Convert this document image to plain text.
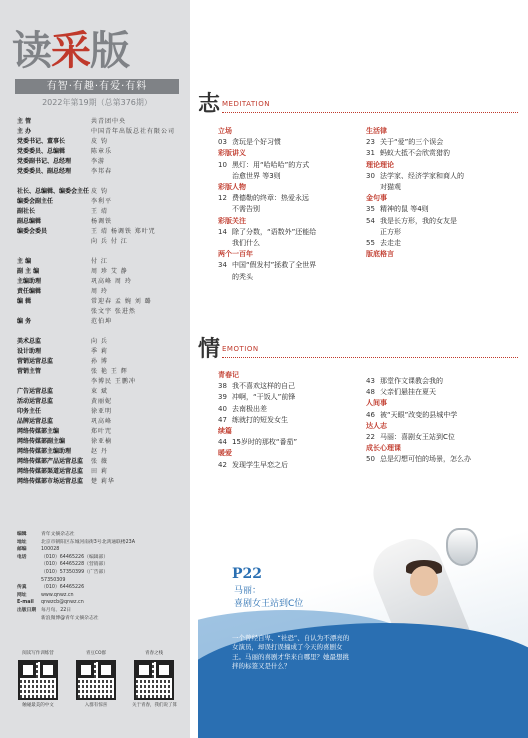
读采版
有智·有趣·有爱·有料
2022年第19期（总第376期）
主 管	共青团中央
主 办	中国青年出版总社有限公司
党委书记、董事长	皮 钧
党委委员、总编辑	陈章乐
党委副书记、总经理	李游
党委委员、副总经理	李邦春
社长、总编辑、编委会主任 皮 钧
编委会副主任	李利平
副社长	王 靖
副总编辑	杨调铁
编委会委员	王 靖 杨调铁 郑叶咒
向 兵 付 江
主 编	付 江
副 主 编	周 珍 艾 静
主编助理	巩高峰 周 玲
责任编辑	周 玲
编 辑	常迎春 孟 婉 刘 璐
张文宇 张进然
编 务	范伯坤
美术总监	向 兵
设计助理	季 莉
营销运营总监	孙 博
营销主管	张 艳 王 辉
李博民 王鹏冲
广告运营总监	束 斌
活动运营总监	黄丽妮
印务主任	徐亚明
品牌运营总监	巩高峰
网络传媒部主编	郑叶咒
网络传媒部副主编	徐亚楠
网络传媒部主编助理	赵 丹
网络传媒部产品运营总监	张 薇
网络传媒部渠道运营总监	田 莉
网络传媒部市场运营总监	楚 莉华
编辑	青年文摘杂志社
地址	北京市朝阳区东城河南街3号北鸿通联楼23A
邮编	100028
电话	（010）64465226（编辑部）
（010）64465228（营销部）
（010）57350399（广告部）
57350309
传真	（010）64465226
网址	www.qnwz.cn
E-mail	qnwzcb@qnwz.cn
出版日期 每月旬、22日
新浪微博@青年文摘杂志社
阅读写作训练营
触碰最美的中文
青豆CO群
入群有惊喜
青春之栈
关于青春，我们说了算
志 MEDITATION
立场
03 贪玩是个好习惯
彩版讲义
10 黑灯：用“哈哈哈”的方式
治愈世界 等3则
彩版人物
12 费德勒的终章：热爱永远
不需告别
彩版关注
14 除了分数，“语数外”还能给
我们什么
两个一百年
34 中国“假发村”拯救了全世界
的秃头
生活律
23 关于“爱”的三个误会
31 蚂蚁大抵不会欣赏猎豹
理论理论
30 法学家、经济学家和商人的
对猫观
金句事
35 精神的鼠 等4则
54 我是长方形，我的女友是
正方形
55 去走走
版底格言
情 EMOTION
青春记
38 我不喜欢这样的自己
39 冲啊，“干饭人”前锋
40 去南极出差
47 练就打的短发女生
续篇
44 15岁时的那枚“番茄”
暖爱
42 发现学生早恋之后
43 那堂作文课教会我的
48 父亲们悬挂在夏天
人间事
46 被“天眼”改变的县城中学
达人志
22 马丽：喜剧女王站到C位
成长心理课
50 总是幻想可怕的场景，怎么办
P22
马丽：
喜剧女王站到C位
一个曾经自卑、“社恐”、自认为不漂亮的女演员，却误打误撞成了今天的喜剧女王。马丽的喜剧才华来自哪里？她最想挑拌的标签又是什么？
